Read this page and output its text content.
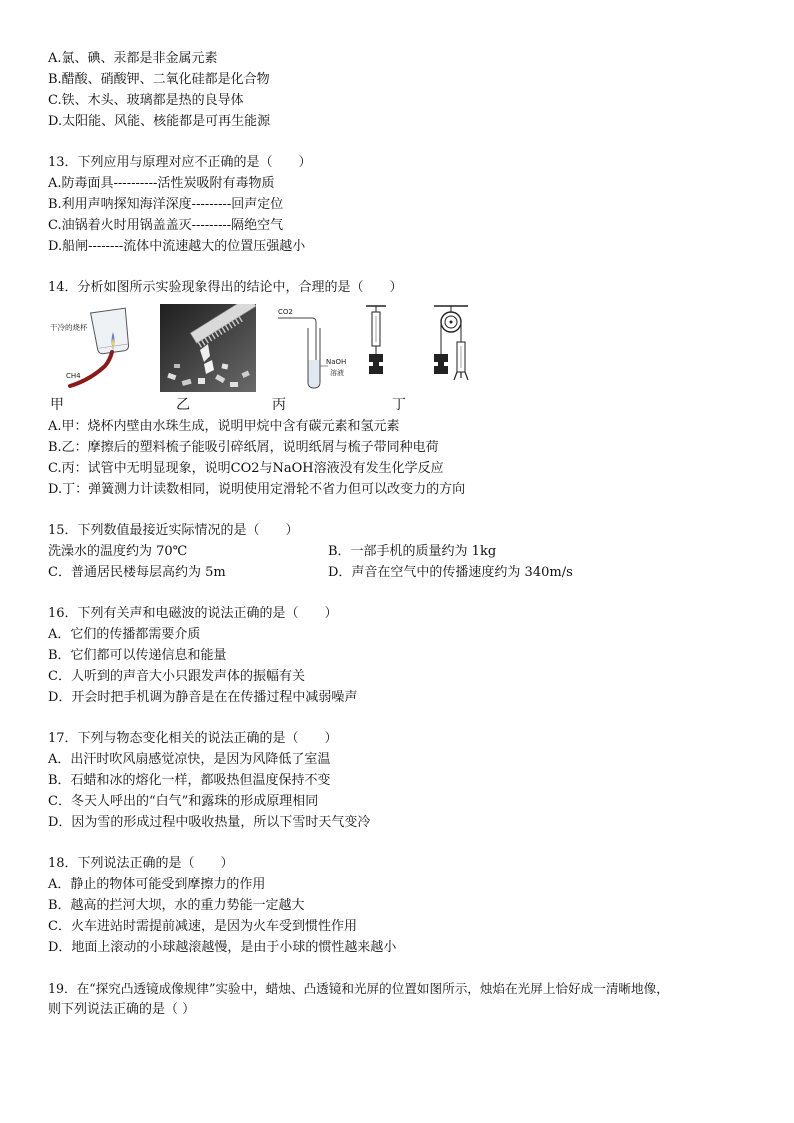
A.氯、碘、汞都是非金属元素
B.醋酸、硝酸钾、二氧化硅都是化合物
C.铁、木头、玻璃都是热的良导体
D.太阳能、风能、核能都是可再生能源
13．下列应用与原理对应不正确的是（　　）
A.防毒面具----------活性炭吸附有毒物质
B.利用声呐探知海洋深度---------回声定位
C.油锅着火时用锅盖盖灭---------隔绝空气
D.船闸--------流体中流速越大的位置压强越小
14．分析如图所示实验现象得出的结论中，合理的是（　　）
干冷的烧杯
CH4
CO2
NaOH
溶液
甲	乙	丙	丁
A.甲：烧杯内壁由水珠生成，说明甲烷中含有碳元素和氢元素
B.乙：摩擦后的塑料梳子能吸引碎纸屑，说明纸屑与梳子带同种电荷
C.丙：试管中无明显现象，说明CO2与NaOH溶液没有发生化学反应
D.丁：弹簧测力计读数相同，说明使用定滑轮不省力但可以改变力的方向
15．下列数值最接近实际情况的是（　　）
洗澡水的温度约为 70℃	B．一部手机的质量约为 1kg
C．普通居民楼每层高约为 5m	D．声音在空气中的传播速度约为 340m/s
16．下列有关声和电磁波的说法正确的是（　　）
A．它们的传播都需要介质
B．它们都可以传递信息和能量
C．人听到的声音大小只跟发声体的振幅有关
D．开会时把手机调为静音是在在传播过程中减弱噪声
17．下列与物态变化相关的说法正确的是（　　）
A．出汗时吹风扇感觉凉快，是因为风降低了室温
B．石蜡和冰的熔化一样，都吸热但温度保持不变
C．冬天人呼出的“白气”和露珠的形成原理相同
D．因为雪的形成过程中吸收热量，所以下雪时天气变冷
18．下列说法正确的是（　　）
A．静止的物体可能受到摩擦力的作用
B．越高的拦河大坝，水的重力势能一定越大
C．火车进站时需提前减速，是因为火车受到惯性作用
D．地面上滚动的小球越滚越慢，是由于小球的惯性越来越小
19．在“探究凸透镜成像规律”实验中，蜡烛、凸透镜和光屏的位置如图所示，烛焰在光屏上恰好成一清晰地像，
则下列说法正确的是（ ）
